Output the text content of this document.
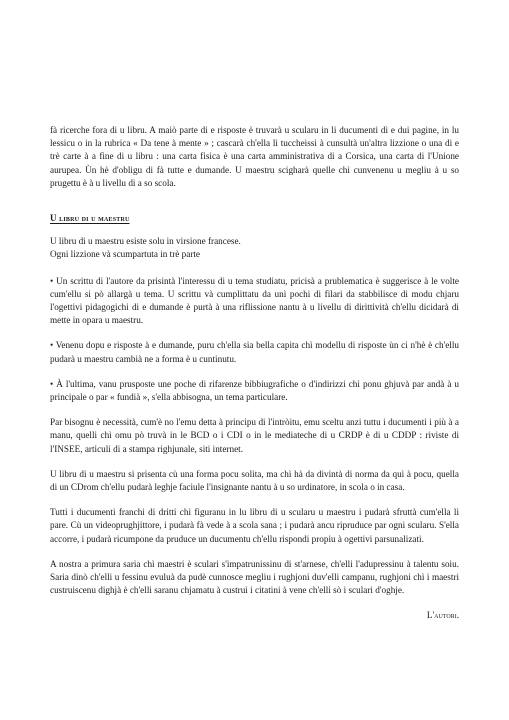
fà ricerche fora di u libru. A maiò parte di e risposte è truvarà u scularu in li ducumenti dì e dui pagine, in lu lessicu o in la rubrica « Da tene à mente » ; cascarà ch'ella lì tuccheissi à cunsultà un'altra lizzione o una di e trè carte à a fine di u libru : una carta fisica è una carta amministrativa di a Corsica, una carta di l'Unione aurupea. Ùn hè d'obligu di fà tutte e dumande. U maestru scigharà quelle chì cunvenenu u megliu à u so prugettu è à u livellu di a so scola.

U libru di u maestru

U libru di u maestru esiste solu in virsione francese.
Ogni lizzione và scumpartuta in trè parte

• Un scrittu di l'autore da prisintà l'interessu di u tema studiatu, pricisà a prublematica è suggerisce à le volte cum'ellu si pò allargà u tema. U scrittu và cumplittatu da unì pochi di filari da stabbilisce di modu chjaru l'ogettivi pidagogichi di e dumande è purtà à una riflissione nantu à u livellu di dirittività ch'ellu dicidarà di mette in opara u maestru.

• Venenu dopu e risposte à e dumande, puru ch'ella sia bella capita chì modellu di risposte ùn ci n'hè è ch'ellu pudarà u maestru cambià ne a forma è u cuntinutu.

• À l'ultima, vanu prusposte une poche di rifarenze bibbiugrafiche o d'indirizzi chì ponu ghjuvà par andà à u principale o par « fundià », s'ella abbisogna, un tema particulare.

Par bisognu è necessità, cum'è no l'emu detta à principu di l'intròitu, emu sceltu anzi tuttu i ducumenti i più à a manu, quelli chì omu pò truvà in le BCD o i CDI o in le mediateche di u CRDP è di u CDDP : riviste di l'INSEE, articuli di a stampa righjunale, siti internet.

U libru di u maestru si prisenta cù una forma pocu solita, ma chì hà da divintà di norma da quì à pocu, quella di un CDrom ch'ellu pudarà leghje faciule l'insignante nantu à u so urdinatore, in scola o in casa.

Tutti i ducumenti franchi di dritti chì figuranu in lu libru di u scularu u maestru i pudarà sfruttà cum'ella lì pare. Cù un videoprughjittore, i pudarà fà vede à a scola sana ; i pudarà ancu ripruduce par ogni scularu. S'ella accorre, i pudarà ricumpone da pruduce un ducumentu ch'ellu rispondi propiu à ogettivi parsunalizati.

A nostra a primura saria chì maestri è sculari s'impatrunissinu di st'arnese, ch'elli l'adupressinu à talentu soiu. Saria dinò ch'elli u fessinu evuluà da pudè cunnosce megliu i rughjoni duv'elli campanu, rughjoni chì i maestri custruiscenu dighjà è ch'elli saranu chjamatu à custruì i citatini à vene ch'elli sò i sculari d'oghje.

L'autori.
